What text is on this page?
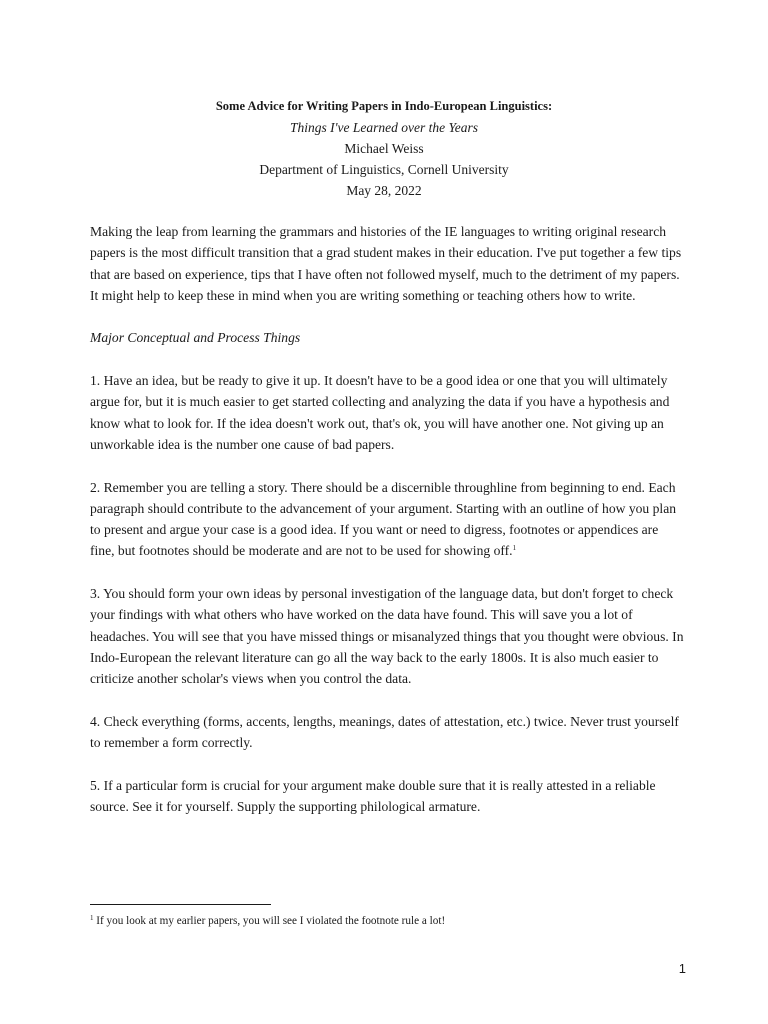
Some Advice for Writing Papers in Indo-European Linguistics:
Things I've Learned over the Years
Michael Weiss
Department of Linguistics, Cornell University
May 28, 2022

Making the leap from learning the grammars and histories of the IE languages to writing original research papers is the most difficult transition that a grad student makes in their education. I've put together a few tips that are based on experience, tips that I have often not followed myself, much to the detriment of my papers. It might help to keep these in mind when you are writing something or teaching others how to write.

Major Conceptual and Process Things

1. Have an idea, but be ready to give it up. It doesn't have to be a good idea or one that you will ultimately argue for, but it is much easier to get started collecting and analyzing the data if you have a hypothesis and know what to look for. If the idea doesn't work out, that's ok, you will have another one. Not giving up an unworkable idea is the number one cause of bad papers.

2. Remember you are telling a story. There should be a discernible throughline from beginning to end. Each paragraph should contribute to the advancement of your argument. Starting with an outline of how you plan to present and argue your case is a good idea. If you want or need to digress, footnotes or appendices are fine, but footnotes should be moderate and are not to be used for showing off.$^1$

3. You should form your own ideas by personal investigation of the language data, but don't forget to check your findings with what others who have worked on the data have found. This will save you a lot of headaches. You will see that you have missed things or misanalyzed things that you thought were obvious. In Indo-European the relevant literature can go all the way back to the early 1800s. It is also much easier to criticize another scholar's views when you control the data.

4. Check everything (forms, accents, lengths, meanings, dates of attestation, etc.) twice. Never trust yourself to remember a form correctly.

5. If a particular form is crucial for your argument make double sure that it is really attested in a reliable source. See it for yourself. Supply the supporting philological armature.

$^1$ If you look at my earlier papers, you will see I violated the footnote rule a lot!
1
